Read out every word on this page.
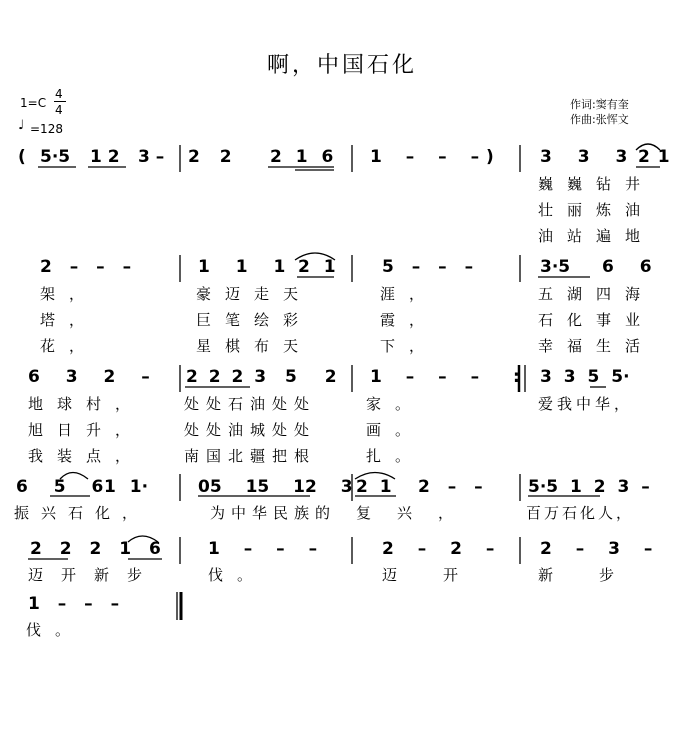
啊，中国石化
1=C
4
4
♩ =128
作词:窦有奎
作曲:张恽文
( 5·5 1 2 3 – 2 2 2 1 6 1 – – – )	3 3 3 2 1
巍巍钻井
壮丽炼油
油站遍地
2 – – –	1 1 1 2 1	5 – – –	3·5 6 6
架，	豪迈走天	涯，	五湖四海
塔，	巨笔绘彩	霞，	石化事业
花，	星棋布天	下，	幸福生活
6 3 2 – 2 2 2 3 5 2 1 – – – : 3 3 5 5·
地球村，	处处石油处处	家。	爱我中华，
旭日升，	处处油城处处	画。
我装点，	南国北疆把根	扎。
6 5 6 1 1·	05 15 12 3 2 1 2 – –	5·5 1 2 3 –
振兴石化，	为中华民族的 复兴，	百万石化人，
2 2 2 1 6	1 – – –	2 – 2 –	2 – 3 –
迈开新步	伐。	迈开 新步
1 – – –
伐。
